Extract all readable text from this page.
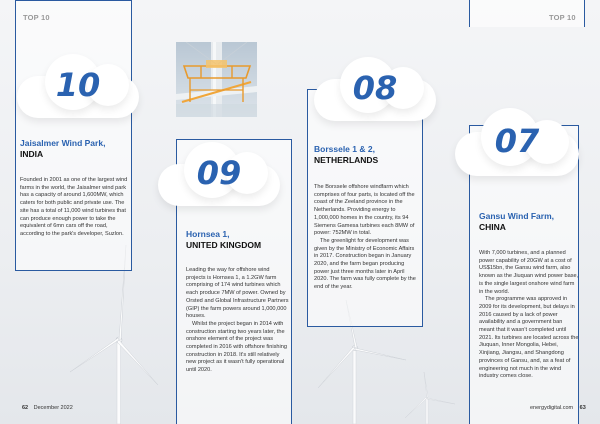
10
Jaisalmer Wind Park,
INDIA
Founded in 2001 as one of the largest wind farms in the world, the Jaisalmer wind park has a capacity of around 1,600MW, which caters for both public and private use. The site has a total of 11,000 wind turbines that can produce enough power to take the equivalent of 6mn cars off the road, according to the park's developer, Suzlon.
09
Hornsea 1,
UNITED KINGDOM

Leading the way for offshore wind projects is Hornsea 1, a 1.2GW farm comprising of 174 wind turbines which each produce 7MW of power. Owned by Orsted and Global Infrastructure Partners (GIP) the farm powers around 1,000,000 houses.

Whilst the project began in 2014 with construction starting two years later, the onshore element of the project was completed in 2016 with offshore finishing construction in 2018. It's still relatively new project as it wasn't fully operational until 2020.

08
Borssele 1 & 2,
NETHERLANDS

The Borssele offshore windfarm which comprises of four parts, is located off the coast of the Zeeland province in the Netherlands. Providing energy to 1,000,000 homes in the country, its 94 Siemens Gamesa turbines each 8MW of power: 752MW in total.

The greenlight for development was given by the Ministry of Economic Affairs in 2017. Construction began in January 2020, and the farm began producing power just three months later in April 2020. The farm was fully complete by the end of the year.

07
Gansu Wind Farm,
CHINA

With 7,000 turbines, and a planned power capability of 20GW at a cost of US$15bn, the Gansu wind farm, also known as the Jiuquan wind power base, is the single largest onshore wind farm in the world.

The programme was approved in 2009 for its development, but delays in 2016 caused by a lack of power availability and a government ban meant that it wasn't completed until 2021. Its turbines are located across the Jiuquan, Inner Mongolia, Hebei, Xinjiang, Jiangsu, and Shangdong provinces of Gansu, and, as a feat of engineering not much in the wind industry comes close.

62 December 2022	energydigital.com 63
